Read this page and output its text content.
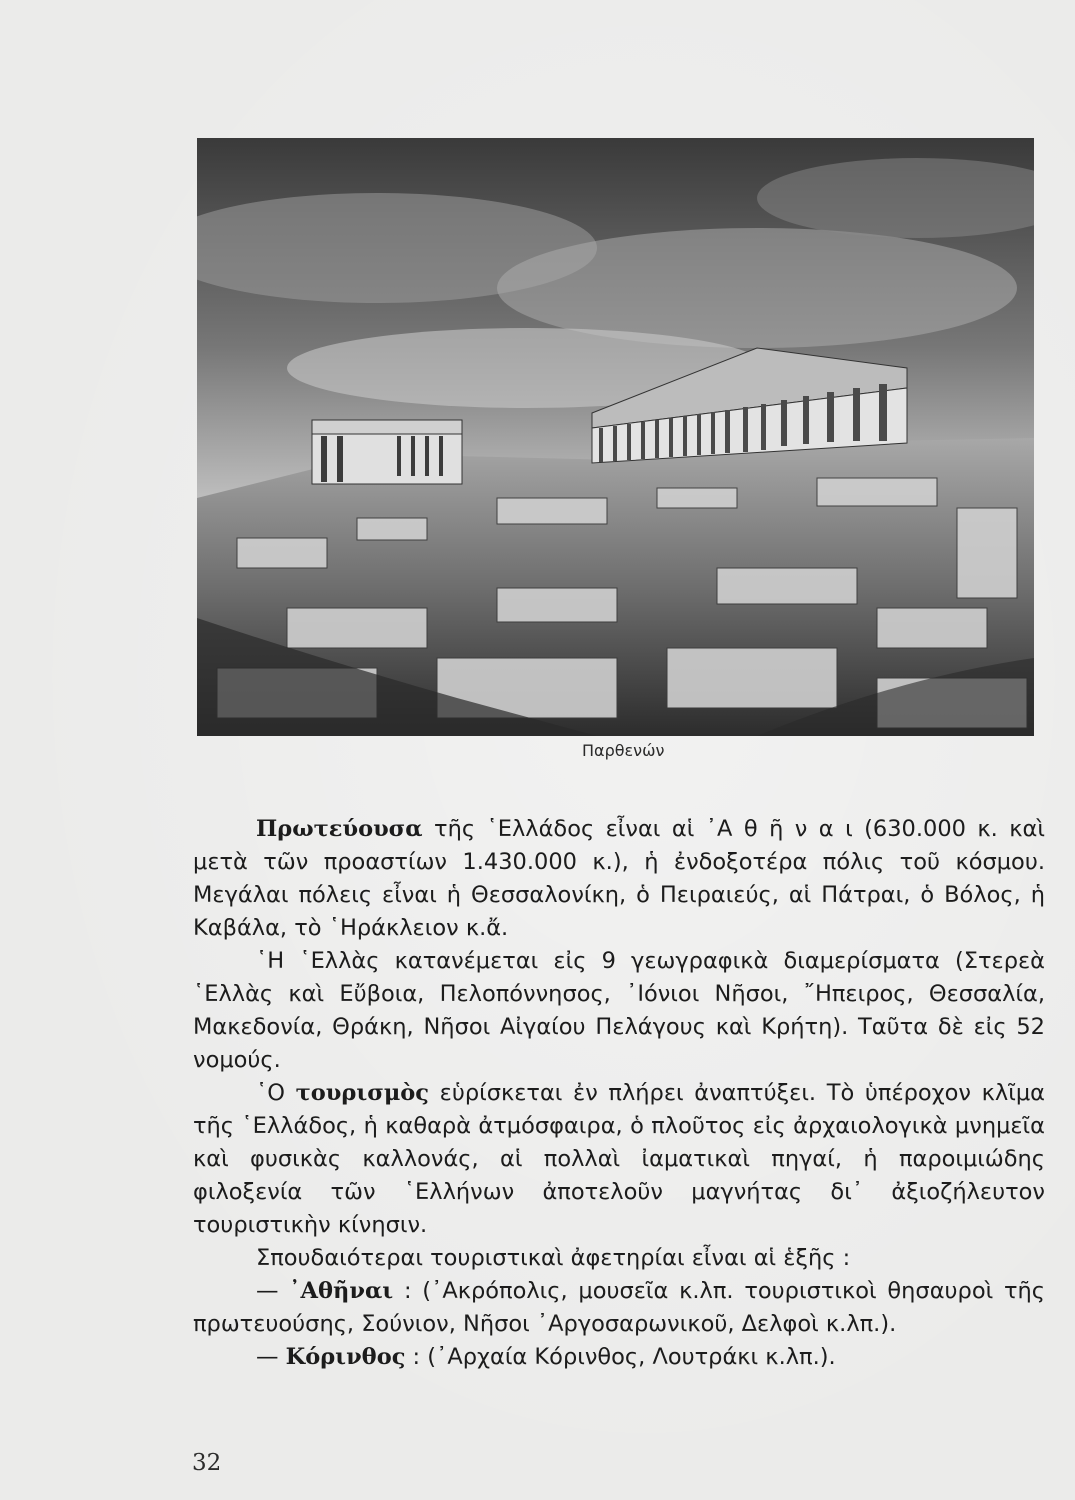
Παρθενών

Πρωτεύουσα τῆς ῾Ελλάδος εἶναι αἱ ᾿Α θ ῆ ν α ι (630.000 κ. καὶ μετὰ τῶν προαστίων 1.430.000 κ.), ἡ ἐνδοξοτέρα πόλις τοῦ κόσμου. Μεγάλαι πόλεις εἶναι ἡ Θεσσαλονίκη, ὁ Πειραιεύς, αἱ Πάτραι, ὁ Βόλος, ἡ Καβάλα, τὸ ῾Ηράκλειον κ.ἄ.

῾Η ῾Ελλὰς κατανέμεται εἰς 9 γεωγραφικὰ διαμερίσματα (Στερεὰ ῾Ελλὰς καὶ Εὔβοια, Πελοπόννησος, ᾿Ιόνιοι Νῆσοι, ῎Ηπειρος, Θεσσαλία, Μακεδονία, Θράκη, Νῆσοι Αἰγαίου Πελάγους καὶ Κρήτη). Ταῦτα δὲ εἰς 52 νομούς.

῾Ο τουρισμὸς εὑρίσκεται ἐν πλήρει ἀναπτύξει. Τὸ ὑπέροχον κλῖμα τῆς ῾Ελλάδος, ἡ καθαρὰ ἀτμόσφαιρα, ὁ πλοῦτος εἰς ἀρχαιολογικὰ μνημεῖα καὶ φυσικὰς καλλονάς, αἱ πολλαὶ ἰαματικαὶ πηγαί, ἡ παροιμιώδης φιλοξενία τῶν ῾Ελλήνων ἀποτελοῦν μαγνήτας δι᾿ ἀξιοζήλευτον τουριστικὴν κίνησιν.

Σπουδαιότεραι τουριστικαὶ ἀφετηρίαι εἶναι αἱ ἑξῆς :

— ᾿Αθῆναι : (᾿Ακρόπολις, μουσεῖα κ.λπ. τουριστικοὶ θησαυροὶ τῆς πρωτευούσης, Σούνιον, Νῆσοι ᾿Αργοσαρωνικοῦ, Δελφοὶ κ.λπ.).

— Κόρινθος : (᾿Αρχαία Κόρινθος, Λουτράκι κ.λπ.).

32
